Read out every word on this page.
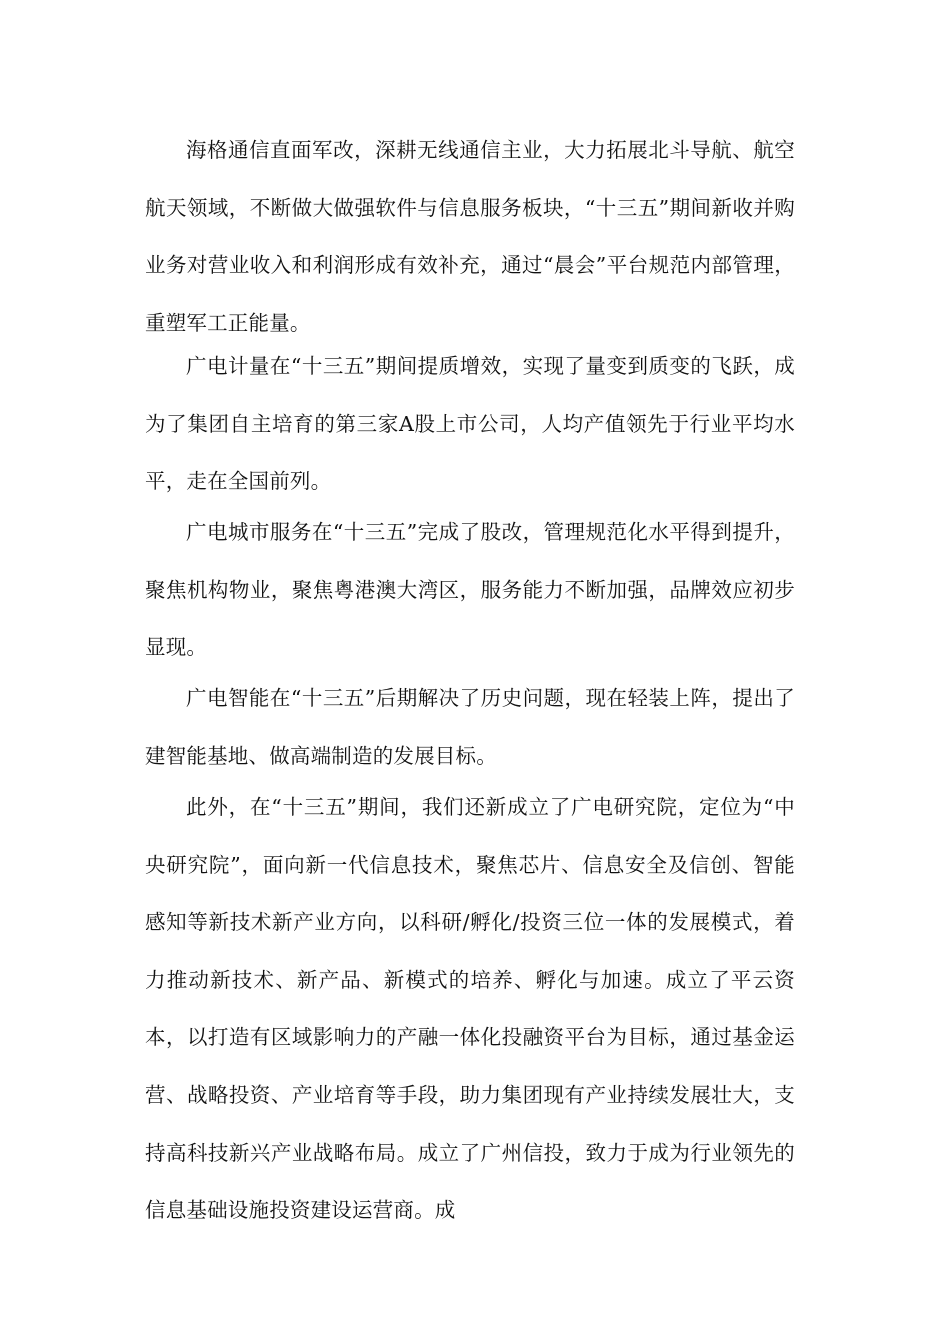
海格通信直面军改，深耕无线通信主业，大力拓展北斗导航、航空航天领域，不断做大做强软件与信息服务板块，“十三五”期间新收并购业务对营业收入和利润形成有效补充，通过“晨会”平台规范内部管理，重塑军工正能量。

广电计量在“十三五”期间提质增效，实现了量变到质变的飞跃，成为了集团自主培育的第三家A股上市公司，人均产值领先于行业平均水平，走在全国前列。

广电城市服务在“十三五”完成了股改，管理规范化水平得到提升，聚焦机构物业，聚焦粤港澳大湾区，服务能力不断加强，品牌效应初步显现。

广电智能在“十三五”后期解决了历史问题，现在轻装上阵，提出了建智能基地、做高端制造的发展目标。

此外，在“十三五”期间，我们还新成立了广电研究院，定位为“中央研究院”，面向新一代信息技术，聚焦芯片、信息安全及信创、智能感知等新技术新产业方向，以科研/孵化/投资三位一体的发展模式，着力推动新技术、新产品、新模式的培养、孵化与加速。成立了平云资本，以打造有区域影响力的产融一体化投融资平台为目标，通过基金运营、战略投资、产业培育等手段，助力集团现有产业持续发展壮大，支持高科技新兴产业战略布局。成立了广州信投，致力于成为行业领先的信息基础设施投资建设运营商。成
